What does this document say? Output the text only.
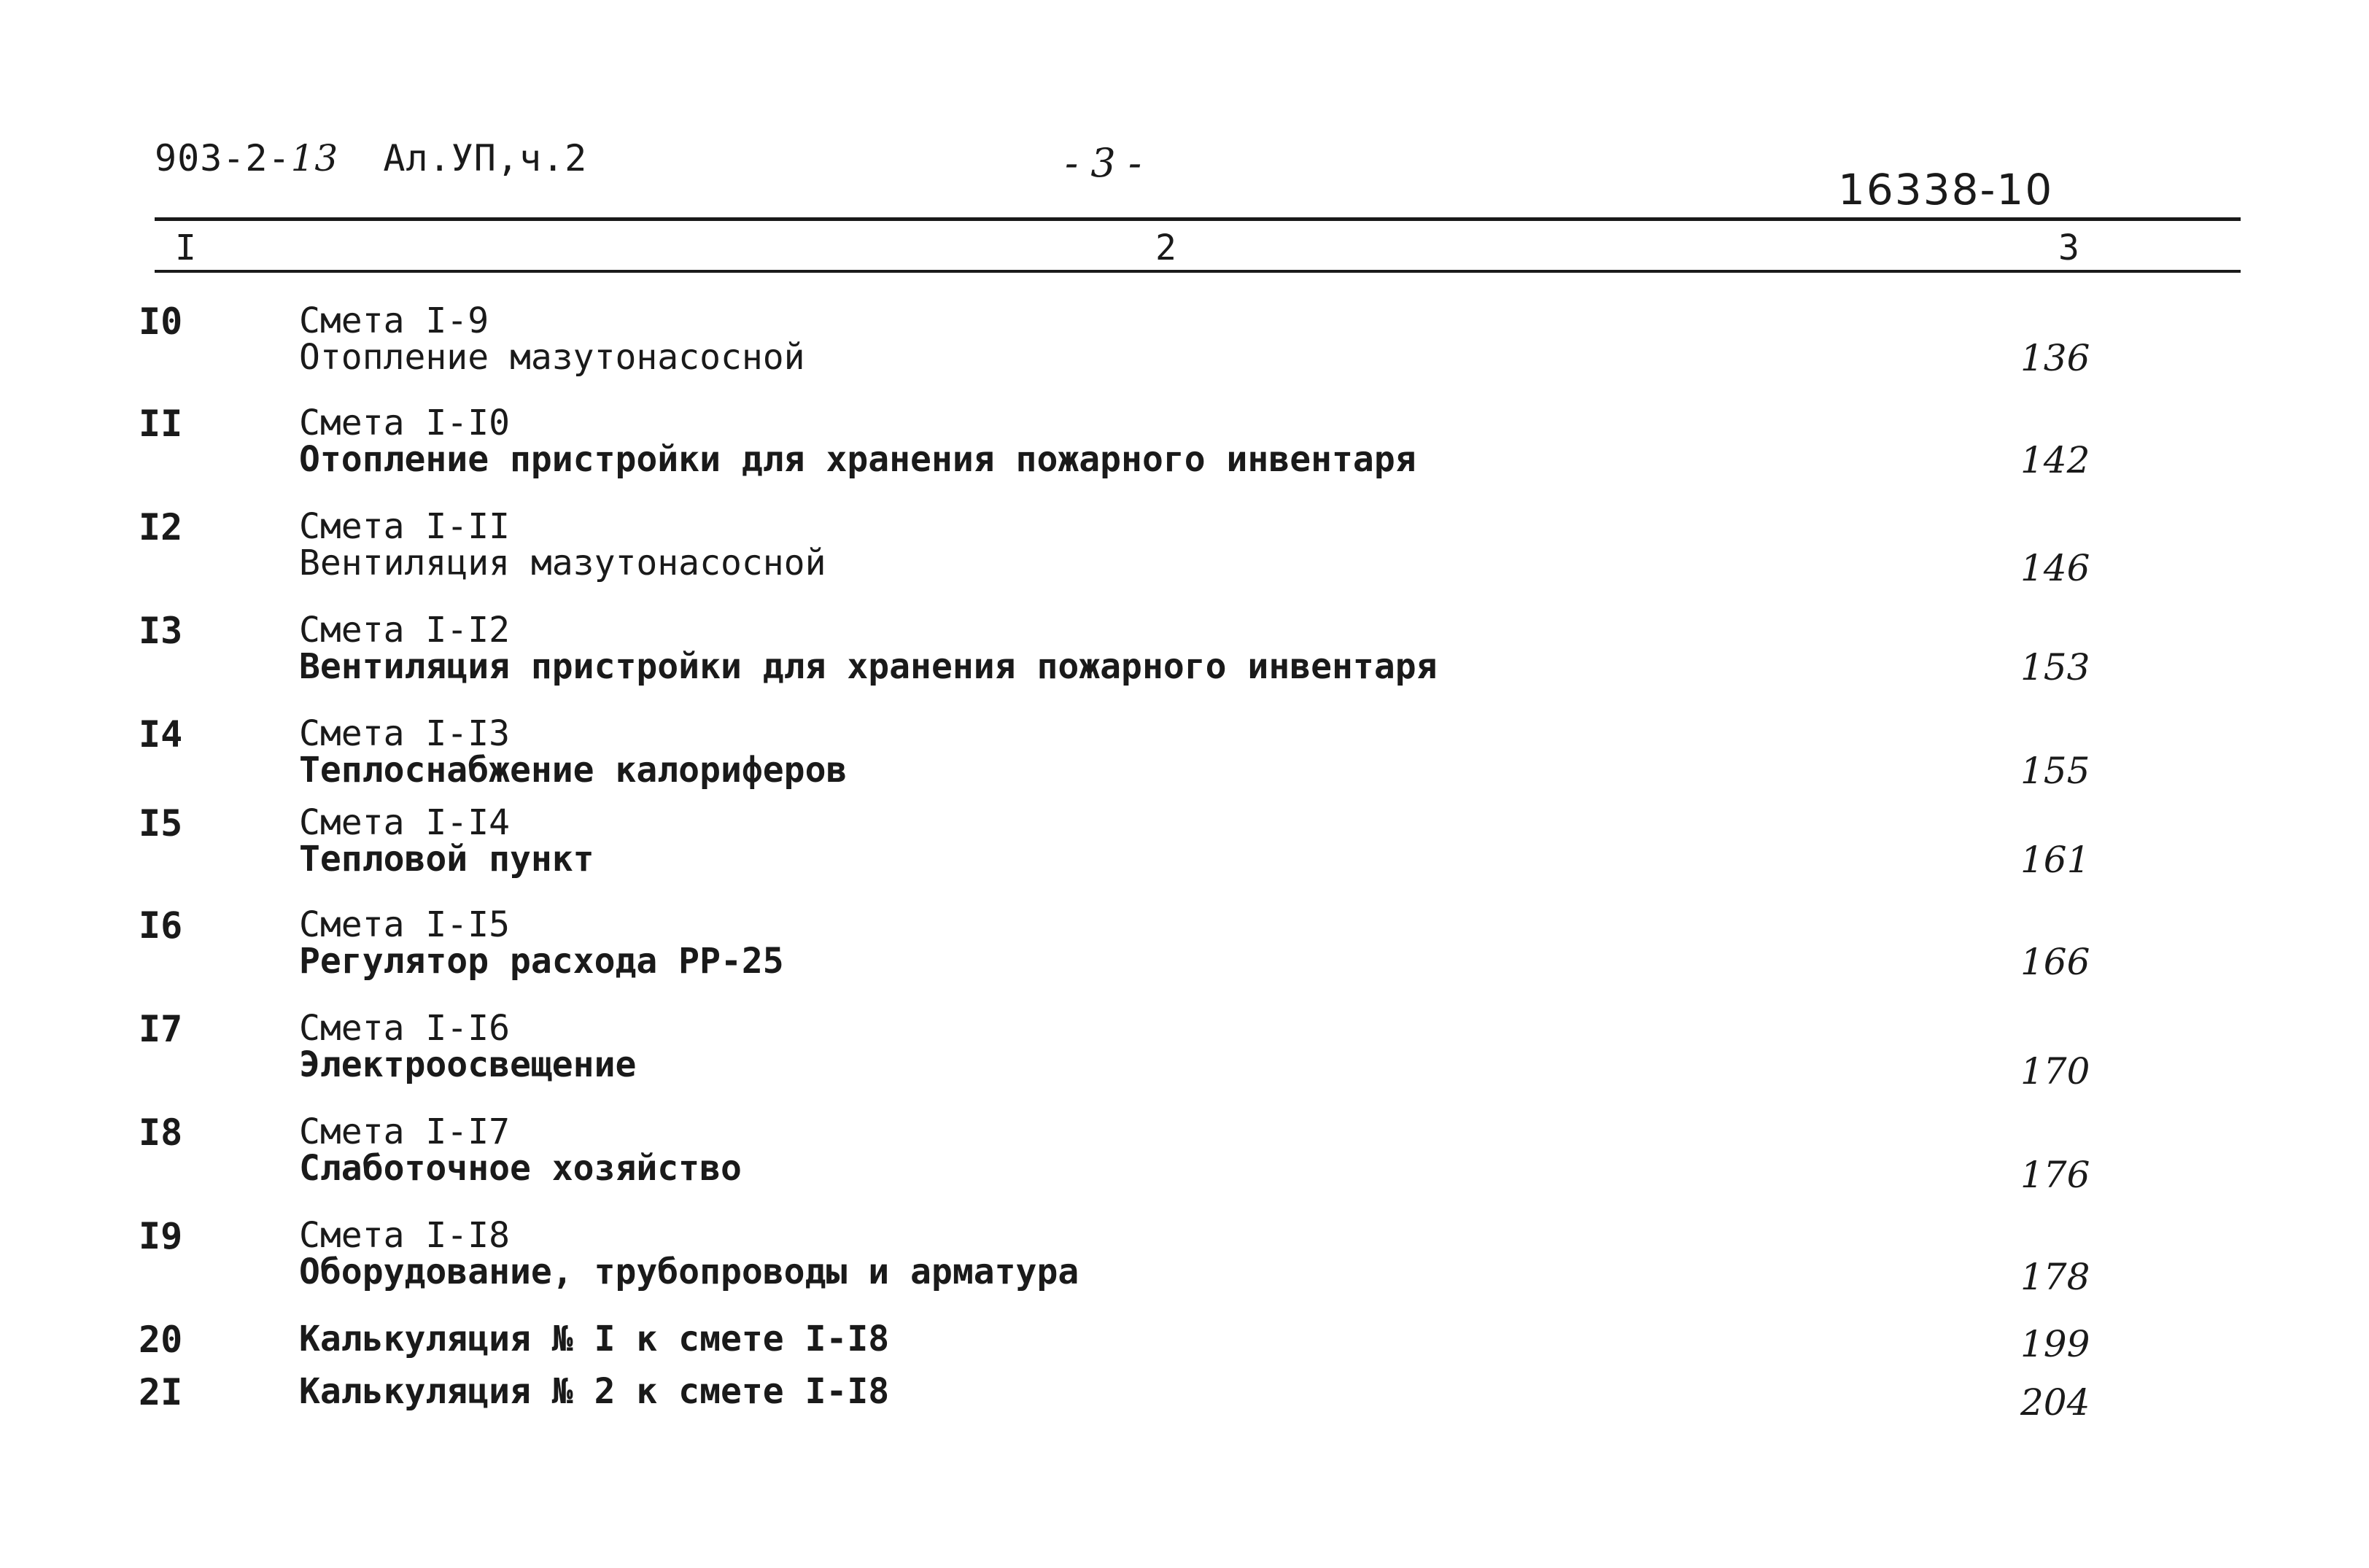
903-2-13 Ал.УП,ч.2	- 3 -
16338-10
I	2	3
I0	Смета I-9
Отопление мазутонасосной	136
II	Смета I-I0
Отопление пристройки для хранения пожарного инвентаря	142
I2	Смета I-II
Вентиляция мазутонасосной	146
I3	Смета I-I2
Вентиляция пристройки для хранения пожарного инвентаря	153
I4	Смета I-I3
Теплоснабжение калориферов	155
I5	Смета I-I4
Тепловой пункт	161
I6	Смета I-I5
Регулятор расхода РР-25	166
I7	Смета I-I6
Электроосвещение	170
I8	Смета I-I7
Слаботочное хозяйство	176
I9	Смета I-I8
Оборудование, трубопроводы и арматура	178
20	Калькуляция № I к смете I-I8	199
2I	Калькуляция № 2 к смете I-I8	204
